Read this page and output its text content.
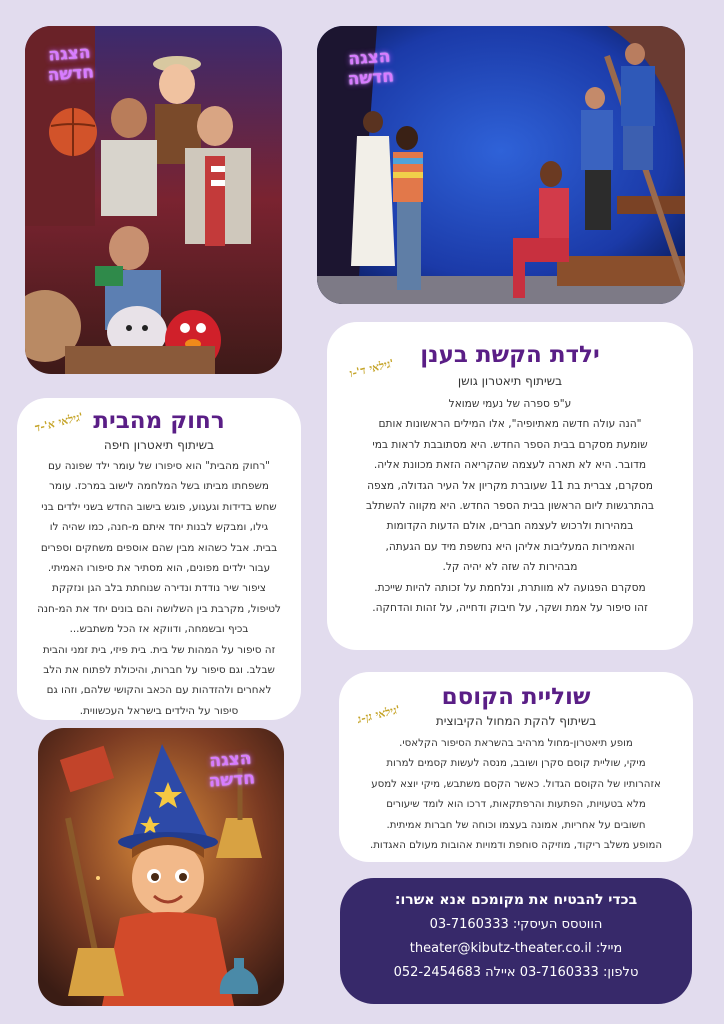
הצגה
חדשה
הצגה
חדשה
ילדת הקשת בענן
בשיתוף תיאטרון גושן
ע"פ ספרה של נעמי שמואל
"הנה עולה חדשה מאתיופיה", אלו המילים הראשונות אותם
שומעת מסקרם בבית הספר החדש. היא מסתובבת לראות במי
מדובר. היא לא תארה לעצמה שהקריאה הזאת מכוונת אליה.
מסקרם, צברית בת 11 שעוברת מקריון אל העיר הגדולה, מצפה
בהתרגשות ליום הראשון בבית הספר החדש. היא מקווה להשתלב
במהירות ולרכוש לעצמה חברים, אולם הדעות הקדומות
והאמירות המעליבות אליהן היא נחשפת מיד עם הגעתה,
מבהירות לה שזה לא יהיה קל.
מסקרם הפגועה לא מוותרת, ונלחמת על זכותה להיות שייכת.
זהו סיפור על אמת ושקר, על חיבוק ודחייה, על זהות והדחקה.
גילאי ד'-ו'
רחוק מהבית
בשיתוף תיאטרון חיפה
"רחוק מהבית" הוא סיפורו של עומר ילד שפונה עם
משפחתו מביתו בשל המלחמה לישוב במרכז. עומר
שחש בדידות וגעגוע, פוגש בישוב החדש בשני ילדים בני
גילו, ומבקש לבנות יחד איתם מ-חנה, כמו שהיה לו
בבית. אבל כשהוא מבין שהם אוספים משחקים וספרים
עבור ילדים מפונים, הוא מסתיר את סיפורו האמיתי.
ציפור שיר נודדת ונדירה שנוחתת בלב הגן ונזקקת
לטיפול, מקרבת בין השלושה והם בונים יחד את המ-חנה
בכיף ובשמחה, ודווקא אז הכל משתבש...
זה סיפור על המהות של בית. בית פיזי, בית זמני והבית
שבלב. וגם סיפור על חברות, והיכולת לפתוח את הלב
לאחרים ולהזדהות עם הכאב והקושי שלהם, וזהו גם
סיפור על הילדים בישראל העכשווית.
גילאי א'-ד'
שוליית הקוסם
בשיתוף להקת המחול הקיבוצית
מופע תיאטרון-מחול מרהיב בהשראת הסיפור הקלאסי.
מיקי, שוליית קוסם סקרן ושובב, מנסה לעשות קסמים למרות
אזהרותיו של הקוסם הגדול. כאשר הקסם משתבש, מיקי יוצא למסע
מלא בטעויות, הפתעות והרפתקאות, דרכו הוא לומד שיעורים
חשובים על אחריות, אמונה בעצמו וכוחה של חברות אמיתית.
המופע משלב ריקוד, מוזיקה סוחפת ודמויות אהובות מעולם האגדות.
גילאי גן-ג'
הצגה
חדשה
בכדי להבטיח את מקומכם אנא אשרו:
הווטסס העיסקי: 03-7160333
מייל: theater@kibutz-theater.co.il
טלפון: 03-7160333 איילה 052-2454683
